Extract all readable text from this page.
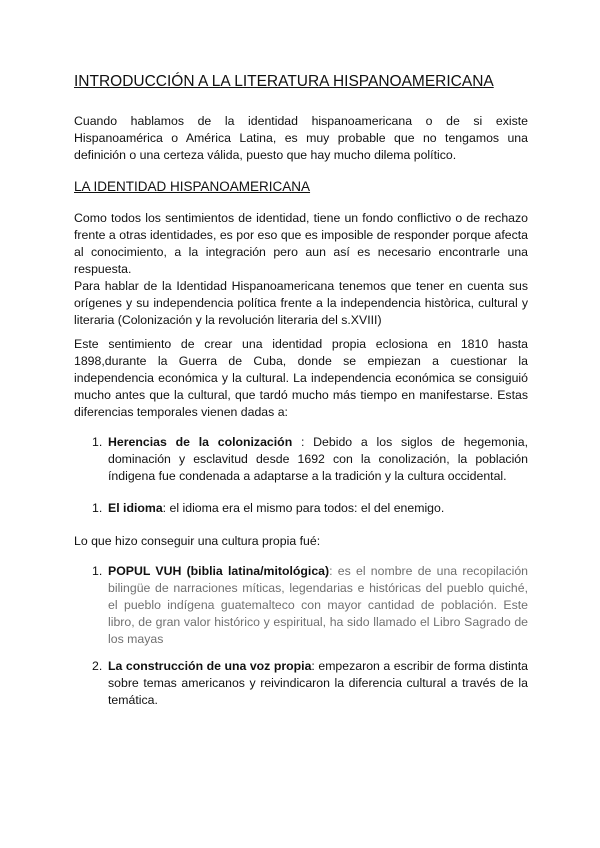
INTRODUCCIÓN A LA LITERATURA HISPANOAMERICANA

Cuando hablamos de la identidad hispanoamericana o de si existe Hispanoamérica o América Latina, es muy probable que no tengamos una definición o una certeza válida, puesto que hay mucho dilema político.

LA IDENTIDAD HISPANOAMERICANA

Como todos los sentimientos de identidad, tiene un fondo conflictivo o de rechazo frente a otras identidades, es por eso que es imposible de responder porque afecta al conocimiento, a la integración pero aun así es necesario encontrarle una respuesta.

Para hablar de la Identidad Hispanoamericana tenemos que tener en cuenta sus orígenes y su independencia política frente a la independencia històrica, cultural y literaria (Colonización y la revolución literaria del s.XVIII)

Este sentimiento de crear una identidad propia eclosiona en 1810 hasta 1898,durante la Guerra de Cuba, donde se empiezan a cuestionar la independencia económica y la cultural. La independencia económica se consiguió mucho antes que la cultural, que tardó mucho más tiempo en manifestarse. Estas diferencias temporales vienen dadas a:

1. Herencias de la colonización : Debido a los siglos de hegemonia, dominación y esclavitud desde 1692 con la conolización, la población índigena fue condenada a adaptarse a la tradición y la cultura occidental.
1. El idioma: el idioma era el mismo para todos: el del enemigo.

Lo que hizo conseguir una cultura propia fué:

1. POPUL VUH (biblia latina/mitológica): es el nombre de una recopilación bilingüe de narraciones míticas, legendarias e históricas del pueblo quiché, el pueblo indígena guatemalteco con mayor cantidad de población. Este libro, de gran valor histórico y espiritual, ha sido llamado el Libro Sagrado de los mayas
2. La construcción de una voz propia: empezaron a escribir de forma distinta sobre temas americanos y reivindicaron la diferencia cultural a través de la temática.
